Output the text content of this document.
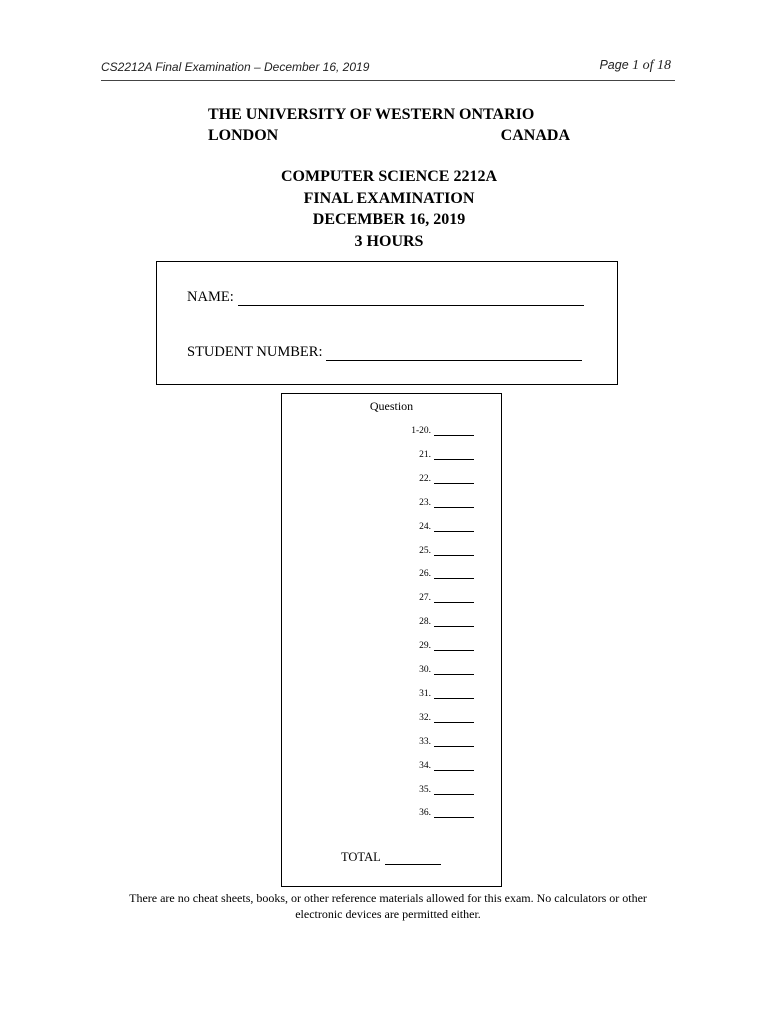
CS2212A Final Examination – December 16, 2019	Page 1 of 18
THE UNIVERSITY OF WESTERN ONTARIO
LONDON	CANADA
COMPUTER SCIENCE 2212A
FINAL EXAMINATION
DECEMBER 16, 2019
3 HOURS
NAME:
STUDENT NUMBER:
Question
1-20.
21.
22.
23.
24.
25.
26.
27.
28.
29.
30.
31.
32.
33.
34.
35.
36.
TOTAL
There are no cheat sheets, books, or other reference materials allowed for this exam. No calculators or other
electronic devices are permitted either.
